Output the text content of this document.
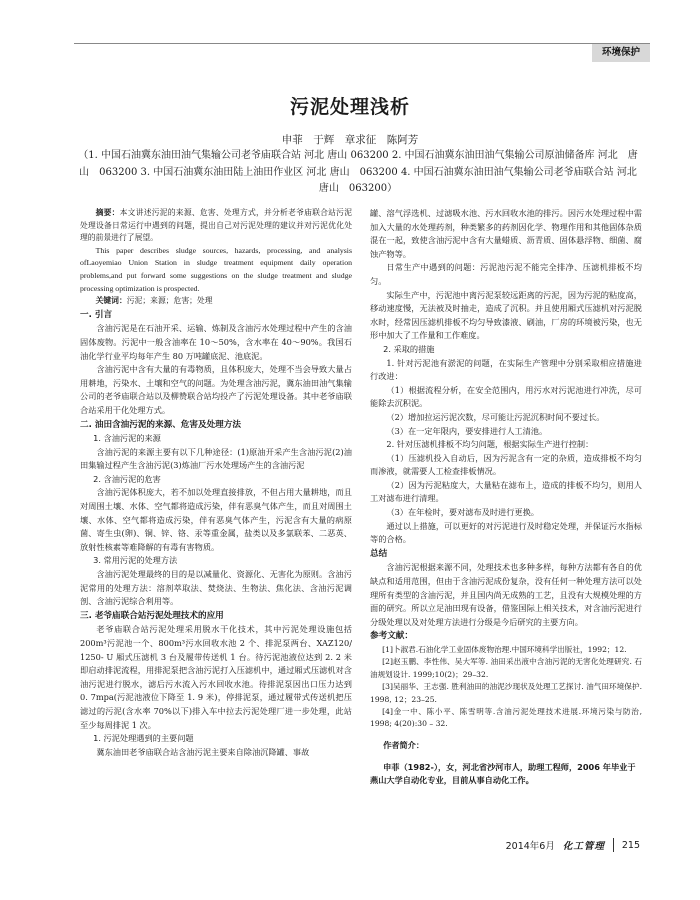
环境保护
污泥处理浅析
申菲　于辉　章求征　陈阿芳
（1. 中国石油冀东油田油气集输公司老爷庙联合站 河北 唐山 063200 2. 中国石油冀东油田油气集输公司原油储备库 河北　唐山　063200 3. 中国石油冀东油田陆上油田作业区 河北 唐山　063200 4. 中国石油冀东油田油气集输公司老爷庙联合站 河北 唐山　063200）

摘要：本文讲述污泥的来源、危害、处理方式，并分析老爷庙联合站污泥处理设备日常运行中遇到的问题，提出自己对污泥处理的建议并对污泥优化处理的前景进行了展望。

This paper describes sludge sources, hazards, processing, and analysis ofLaoyemiao Union Station in sludge treatment equipment daily operation problems,and put forward some suggestions on the sludge treatment and sludge processing optimization is prospected.

关键词：污泥；来源；危害；处理

一. 引言

含油污泥是在石油开采、运输、炼制及含油污水处理过程中产生的含油固体废物。污泥中一般含油率在 10～50%，含水率在 40～90%。我国石油化学行业平均每年产生 80 万吨罐底泥、池底泥。

含油污泥中含有大量的有毒物质，且体积庞大，处理不当会导致大量占用耕地，污染水、土壤和空气的问题。为处理含油污泥，冀东油田油气集输公司的老爷庙联合站以及柳赞联合站均投产了污泥处理设备。其中老爷庙联合站采用干化处理方式。

二. 油田含油污泥的来源、危害及处理方法

1. 含油污泥的来源

含油污泥的来源主要有以下几种途径：(1)原油开采产生含油污泥(2)油田集输过程产生含油污泥(3)炼油厂污水处理场产生的含油污泥

2. 含油污泥的危害

含油污泥体积庞大，若不加以处理直接排放，不但占用大量耕地，而且对周围土壤、水体、空气都将造成污染，伴有恶臭气体产生，而且对周围土壤、水体、空气都将造成污染，伴有恶臭气体产生，污泥含有大量的病原菌、寄生虫(卵)、铜、锌、铬、汞等重金属，盐类以及多氯联苯、二恶英、放射性核素等难降解的有毒有害物质。

3. 常用污泥的处理方法

含油污泥处理最终的目的是以减量化、资源化、无害化为原则。含油污泥常用的处理方法：溶剂萃取法、焚烧法、生物法、焦化法、含油污泥调剖、含油污泥综合利用等。

三. 老爷庙联合站污泥处理技术的应用

老爷庙联合站污泥处理采用脱水干化技术，其中污泥处理设施包括 200m³污泥池一个、800m³污水回收水池 2 个、排泥泵两台、XAZ120/ 1250- U 厢式压滤机 3 台及履带传送机 1 台。待污泥池液位达到 2. 2 米即启动排泥流程，用排泥泵把含油污泥打入压滤机中，通过厢式压滤机对含油污泥进行脱水，滤后污水流入污水回收水池。待排泥泵因出口压力达到 0. 7mpa(污泥池液位下降至 1. 9 米)，停排泥泵，通过履带式传送机把压滤过的污泥(含水率 70%以下)排入车中拉去污泥处理厂进一步处理，此站至少每周排泥 1 次。

1. 污泥处理遇到的主要问题

冀东油田老爷庙联合站含油污泥主要来自除油沉降罐、事故

罐、溶气浮选机、过滤吸水池、污水回收水池的排污。因污水处理过程中需加入大量的水处理药剂，种类繁多的药剂因化学、物理作用和其他固体杂质混在一起，致使含油污泥中含有大量蜡质、沥青质、固体悬浮物、细菌、腐蚀产物等。

日常生产中遇到的问题：污泥池污泥不能完全排净、压滤机排板不均匀。

实际生产中，污泥池中离污泥泵较远距离的污泥，因为污泥的粘度高，移动速度慢，无法被及时抽走，造成了沉积。并且使用厢式压滤机对污泥脱水时，经常因压滤机排板不均匀导致漆液、刷油，厂房的环境被污染，也无形中加大了工作量和工作难度。

2. 采取的措施

1. 针对污泥池有淤泥的问题，在实际生产管理中分别采取相应措施进行改进：

（1）根据流程分析，在安全范围内，用污水对污泥池进行冲洗，尽可能除去沉积泥。

（2）增加拉运污泥次数，尽可能让污泥沉积时间不要过长。

（3）在一定年限内，要安排进行人工清池。

2. 针对压滤机排板不均匀问题，根据实际生产进行控制：

（1）压滤机投入自动后，因为污泥含有一定的杂质，造成排板不均匀而渗液，就需要人工检查排板情况。

（2）因为污泥粘度大，大量粘在滤布上，造成的排板不均匀，则用人工对滤布进行清理。

（3）在年检时，要对滤布及时进行更换。

通过以上措施，可以更好的对污泥进行及时稳定处理，并保证污水指标等的合格。

总结

含油污泥根据来源不同，处理技术也多种多样，每种方法都有各自的优缺点和适用范围，但由于含油污泥成份复杂，没有任何一种处理方法可以处理所有类型的含油污泥，并且国内尚无成熟的工艺，且没有大规模处理的方面的研究。所以立足油田现有设备，借鉴国际上相关技术，对含油污泥进行分级处理以及对处理方法进行分级是今后研究的主要方向。

参考文献：

[1]卜淑君.石油化学工业固体废物治理.中国环境科学出版社，1992；12.

[2]赵玉鹏、李性伟、吴大军等. 油田采出液中含油污泥的无害化处理研究. 石油规划设计. 1999;10(2)；29–32.

[3]吴丽华、王志强. 胜利油田的油泥沙现状及处理工艺探讨. 油气田环境保护. 1998, 12；23–25.

[4]金一中、陈小平、陈雪明等.含油污泥处理技术进展.环境污染与防治, 1998; 4(20):30 – 32.

作者简介：

申菲（1982-），女，河北省沙河市人，助理工程师，2006 年毕业于燕山大学自动化专业，目前从事自动化工作。

2014年6月 化工管理 215
